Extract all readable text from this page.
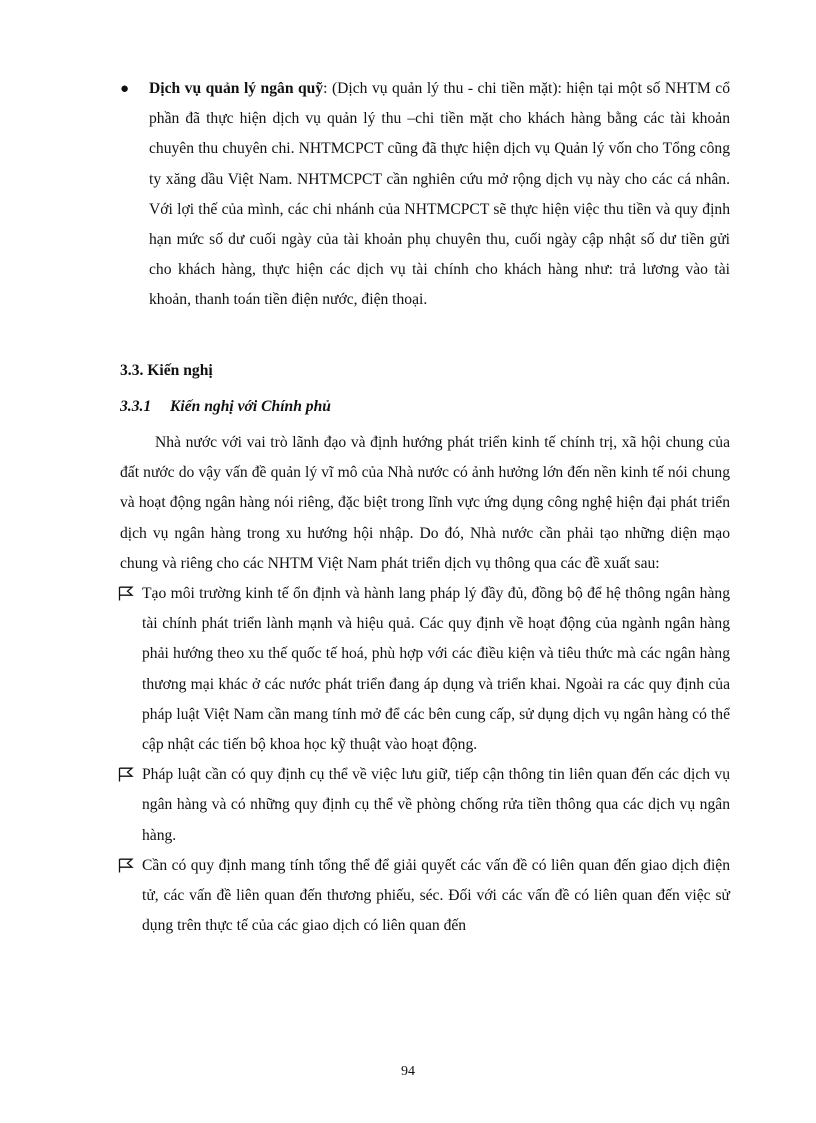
●	Dịch vụ quản lý ngân quỹ: (Dịch vụ quản lý thu - chi tiền mặt): hiện tại một số NHTM cổ phần đã thực hiện dịch vụ quản lý thu –chi tiền mặt cho khách hàng bằng các tài khoản chuyên thu chuyên chi. NHTMCPCT cũng đã thực hiện dịch vụ Quản lý vốn cho Tổng công ty xăng dầu Việt Nam. NHTMCPCT cần nghiên cứu mở rộng dịch vụ này cho các cá nhân. Với lợi thế của mình, các chi nhánh của NHTMCPCT sẽ thực hiện việc thu tiền và quy định hạn mức số dư cuối ngày của tài khoản phụ chuyên thu, cuối ngày cập nhật số dư tiền gửi cho khách hàng, thực hiện các dịch vụ tài chính cho khách hàng như: trả lương vào tài khoản, thanh toán tiền điện nước, điện thoại.

3.3. Kiến nghị

3.3.1 Kiến nghị với Chính phủ

Nhà nước với vai trò lãnh đạo và định hướng phát triển kinh tế chính trị, xã hội chung của đất nước do vậy vấn đề quản lý vĩ mô của Nhà nước có ảnh hưởng lớn đến nền kinh tế nói chung và hoạt động ngân hàng nói riêng, đặc biệt trong lĩnh vực ứng dụng công nghệ hiện đại phát triển dịch vụ ngân hàng trong xu hướng hội nhập. Do đó, Nhà nước cần phải tạo những diện mạo chung và riêng cho các NHTM Việt Nam phát triển dịch vụ thông qua các đề xuất sau:

Tạo môi trường kinh tế ổn định và hành lang pháp lý đầy đủ, đồng bộ để hệ thông ngân hàng tài chính phát triển lành mạnh và hiệu quả. Các quy định về hoạt động của ngành ngân hàng phải hướng theo xu thế quốc tế hoá, phù hợp với các điều kiện và tiêu thức mà các ngân hàng thương mại khác ở các nước phát triển đang áp dụng và triển khai. Ngoài ra các quy định của pháp luật Việt Nam cần mang tính mở để các bên cung cấp, sử dụng dịch vụ ngân hàng có thể cập nhật các tiến bộ khoa học kỹ thuật vào hoạt động.

Pháp luật cần có quy định cụ thể về việc lưu giữ, tiếp cận thông tin liên quan đến các dịch vụ ngân hàng và có những quy định cụ thể về phòng chống rửa tiền thông qua các dịch vụ ngân hàng.

Cần có quy định mang tính tổng thể để giải quyết các vấn đề có liên quan đến giao dịch điện tử, các vấn đề liên quan đến thương phiếu, séc. Đối với các vấn đề có liên quan đến việc sử dụng trên thực tế của các giao dịch có liên quan đến

94
